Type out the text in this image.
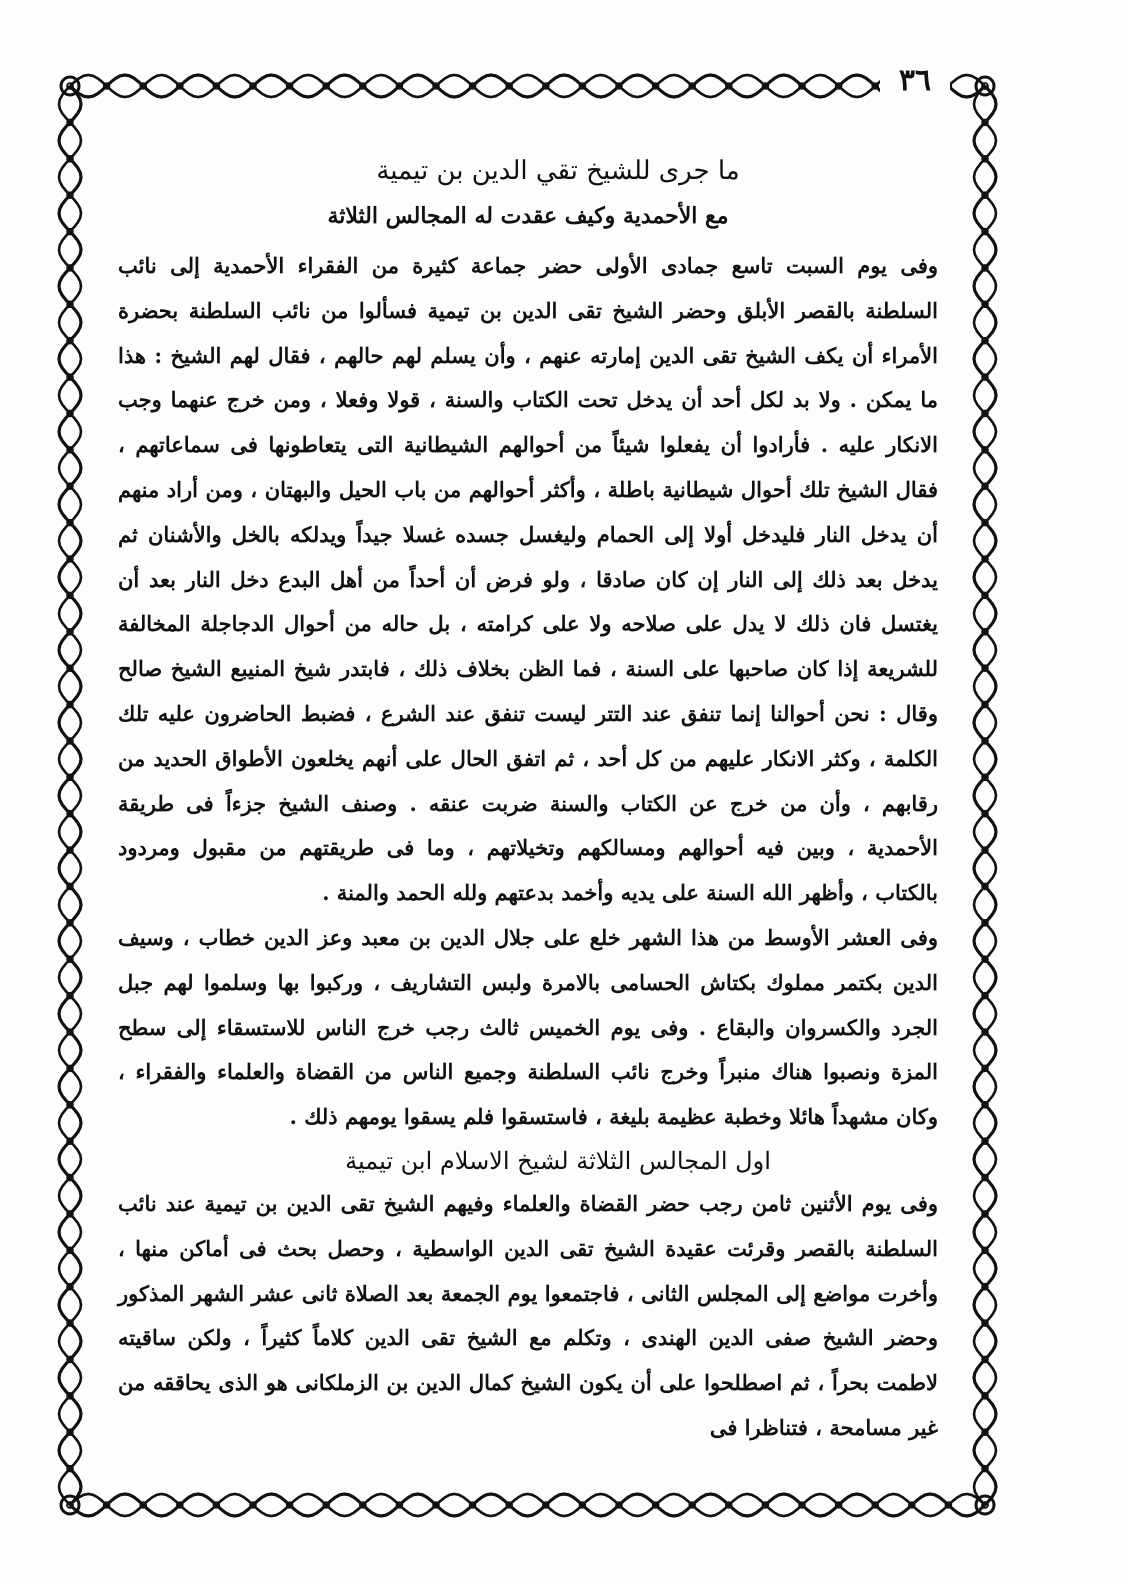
٣٦
ما جرى للشيخ تقي الدين بن تيمية
مع الأحمدية وكيف عقدت له المجالس الثلاثة

وفى يوم السبت تاسع جمادى الأولى حضر جماعة كثيرة من الفقراء الأحمدية إلى نائب السلطنة بالقصر الأبلق وحضر الشيخ تقى الدين بن تيمية فسألوا من نائب السلطنة بحضرة الأمراء أن يكف الشيخ تقى الدين إمارته عنهم ، وأن يسلم لهم حالهم ، فقال لهم الشيخ : هذا ما يمكن . ولا بد لكل أحد أن يدخل تحت الكتاب والسنة ، قولا وفعلا ، ومن خرج عنهما وجب الانكار عليه . فأرادوا أن يفعلوا شيئاً من أحوالهم الشيطانية التى يتعاطونها فى سماعاتهم ، فقال الشيخ تلك أحوال شيطانية باطلة ، وأكثر أحوالهم من باب الحيل والبهتان ، ومن أراد منهم أن يدخل النار فليدخل أولا إلى الحمام وليغسل جسده غسلا جيداً ويدلكه بالخل والأشنان ثم يدخل بعد ذلك إلى النار إن كان صادقا ، ولو فرض أن أحداً من أهل البدع دخل النار بعد أن يغتسل فان ذلك لا يدل على صلاحه ولا على كرامته ، بل حاله من أحوال الدجاجلة المخالفة للشريعة إذا كان صاحبها على السنة ، فما الظن بخلاف ذلك ، فابتدر شيخ المنيبع الشيخ صالح وقال : نحن أحوالنا إنما تنفق عند التتر ليست تنفق عند الشرع ، فضبط الحاضرون عليه تلك الكلمة ، وكثر الانكار عليهم من كل أحد ، ثم اتفق الحال على أنهم يخلعون الأطواق الحديد من رقابهم ، وأن من خرج عن الكتاب والسنة ضربت عنقه . وصنف الشيخ جزءاً فى طريقة الأحمدية ، وبين فيه أحوالهم ومسالكهم وتخيلاتهم ، وما فى طريقتهم من مقبول ومردود بالكتاب ، وأظهر الله السنة على يديه وأخمد بدعتهم ولله الحمد والمنة .

وفى العشر الأوسط من هذا الشهر خلع على جلال الدين بن معبد وعز الدين خطاب ، وسيف الدين بكتمر مملوك بكتاش الحسامى بالامرة ولبس التشاريف ، وركبوا بها وسلموا لهم جبل الجرد والكسروان والبقاع . وفى يوم الخميس ثالث رجب خرج الناس للاستسقاء إلى سطح المزة ونصبوا هناك منبراً وخرج نائب السلطنة وجميع الناس من القضاة والعلماء والفقراء ، وكان مشهداً هائلا وخطبة عظيمة بليغة ، فاستسقوا فلم يسقوا يومهم ذلك .

اول المجالس الثلاثة لشيخ الاسلام ابن تيمية

وفى يوم الأثنين ثامن رجب حضر القضاة والعلماء وفيهم الشيخ تقى الدين بن تيمية عند نائب السلطنة بالقصر وقرئت عقيدة الشيخ تقى الدين الواسطية ، وحصل بحث فى أماكن منها ، وأخرت مواضع إلى المجلس الثانى ، فاجتمعوا يوم الجمعة بعد الصلاة ثانى عشر الشهر المذكور وحضر الشيخ صفى الدين الهندى ، وتكلم مع الشيخ تقى الدين كلاماً كثيراً ، ولكن ساقيته لاطمت بحراً ، ثم اصطلحوا على أن يكون الشيخ كمال الدين بن الزملكانى هو الذى يحاققه من غير مسامحة ، فتناظرا فى
